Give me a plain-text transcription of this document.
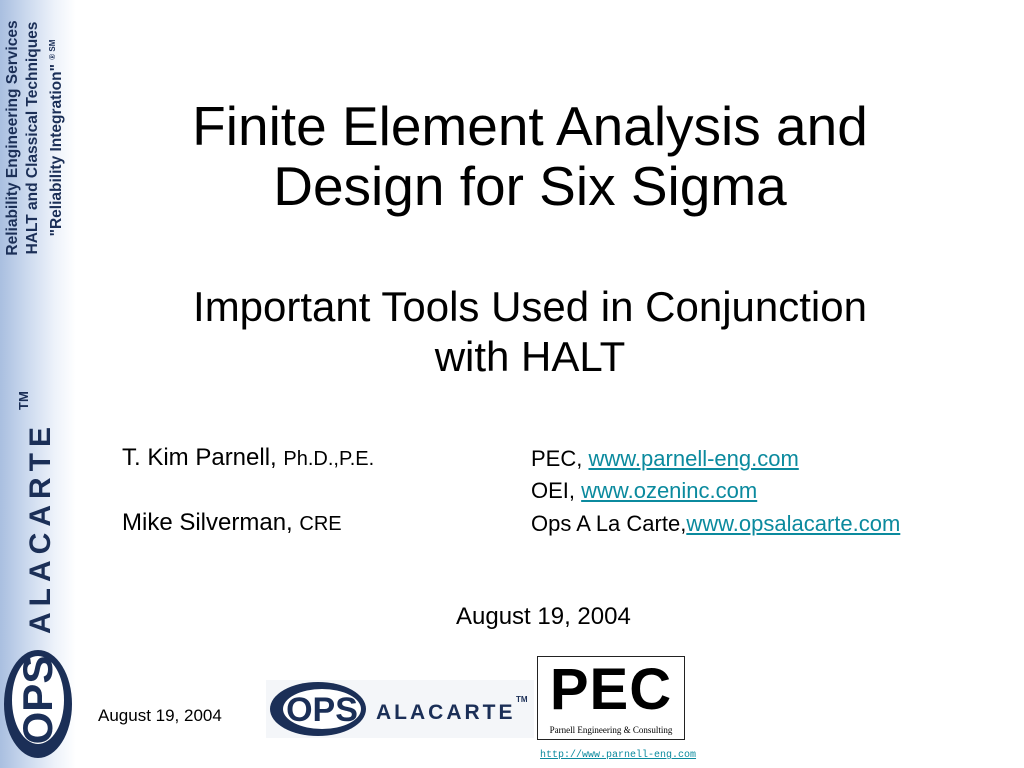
Reliability Engineering Services HALT and Classical Techniques "Reliability Integration" $^{® SM}$
OPS
ALACARTE
TM
Finite Element Analysis and
Design for Six Sigma
Important Tools Used in Conjunction
with HALT
T. Kim Parnell, Ph.D.,P.E.
Mike Silverman, CRE
PEC, www.parnell-eng.com
OEI, www.ozeninc.com
Ops A La Carte,www.opsalacarte.com
August 19, 2004
August 19, 2004 OPS ALACARTE
TM PEC
Parnell Engineering & Consulting
http://www.parnell-eng.com
